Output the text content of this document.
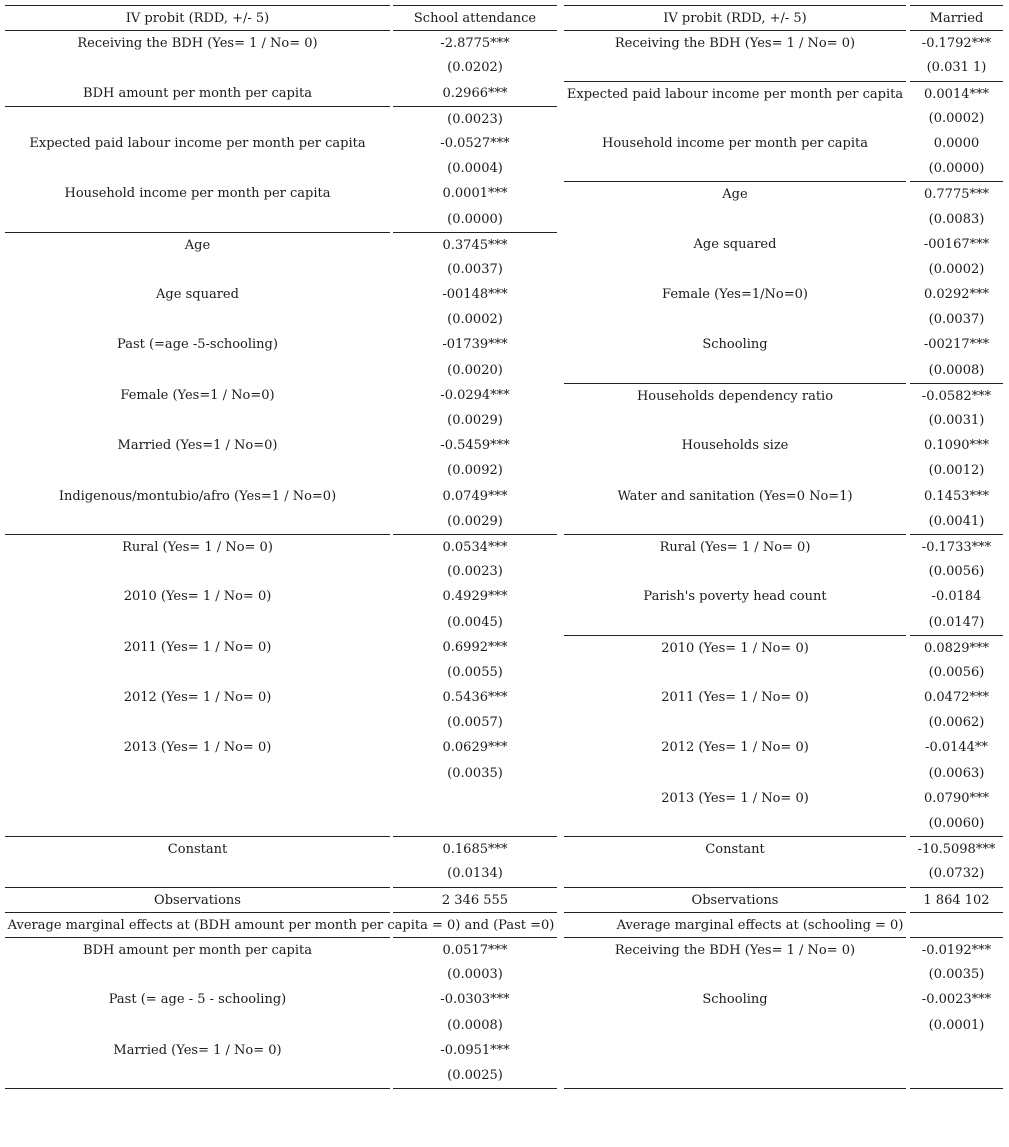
IV probit (RDD, +/- 5)	School attendance
Receiving the BDH (Yes= 1 / No= 0)	-2.8775***
(0.0202)
BDH amount per month per capita	0.2966***
(0.0023)
Expected paid labour income per month per capita	-0.0527***
(0.0004)
Household income per month per capita	0.0001***
(0.0000)
Age	0.3745***
(0.0037)
Age squared	-00148***
(0.0002)
Past (=age -5-schooling)	-01739***
(0.0020)
Female (Yes=1 / No=0)	-0.0294***
(0.0029)
Married (Yes=1 / No=0)	-0.5459***
(0.0092)
Indigenous/montubio/afro (Yes=1 / No=0)	0.0749***
(0.0029)
Rural (Yes= 1 / No= 0)	0.0534***
(0.0023)
2010 (Yes= 1 / No= 0)	0.4929***
(0.0045)
2011 (Yes= 1 / No= 0)	0.6992***
(0.0055)
2012 (Yes= 1 / No= 0)	0.5436***
(0.0057)
2013 (Yes= 1 / No= 0)	0.0629***
(0.0035)
Constant	0.1685***
(0.0134)
Observations	2 346 555
Average marginal effects at (BDH amount per month per capita = 0) and (Past =0)
BDH amount per month per capita	0.0517***
(0.0003)
Past (= age - 5 - schooling)	-0.0303***
(0.0008)
Married (Yes= 1 / No= 0)	-0.0951***
(0.0025)
IV probit (RDD, +/- 5)	Married
Receiving the BDH (Yes= 1 / No= 0)	-0.1792***
(0.031 1)
Expected paid labour income per month per capita	0.0014***
(0.0002)
Household income per month per capita	0.0000
(0.0000)
Age	0.7775***
(0.0083)
Age squared	-00167***
(0.0002)
Female (Yes=1/No=0)	0.0292***
(0.0037)
Schooling	-00217***
(0.0008)
Households dependency ratio	-0.0582***
(0.0031)
Households size	0.1090***
(0.0012)
Water and sanitation (Yes=0 No=1)	0.1453***
(0.0041)
Rural (Yes= 1 / No= 0)	-0.1733***
(0.0056)
Parish's poverty head count	-0.0184
(0.0147)
2010 (Yes= 1 / No= 0)	0.0829***
(0.0056)
2011 (Yes= 1 / No= 0)	0.0472***
(0.0062)
2012 (Yes= 1 / No= 0)	-0.0144**
(0.0063)
2013 (Yes= 1 / No= 0)	0.0790***
(0.0060)
Constant	-10.5098***
(0.0732)
Observations	1 864 102
Average marginal effects at (schooling = 0)
Receiving the BDH (Yes= 1 / No= 0)	-0.0192***
(0.0035)
Schooling	-0.0023***
(0.0001)
